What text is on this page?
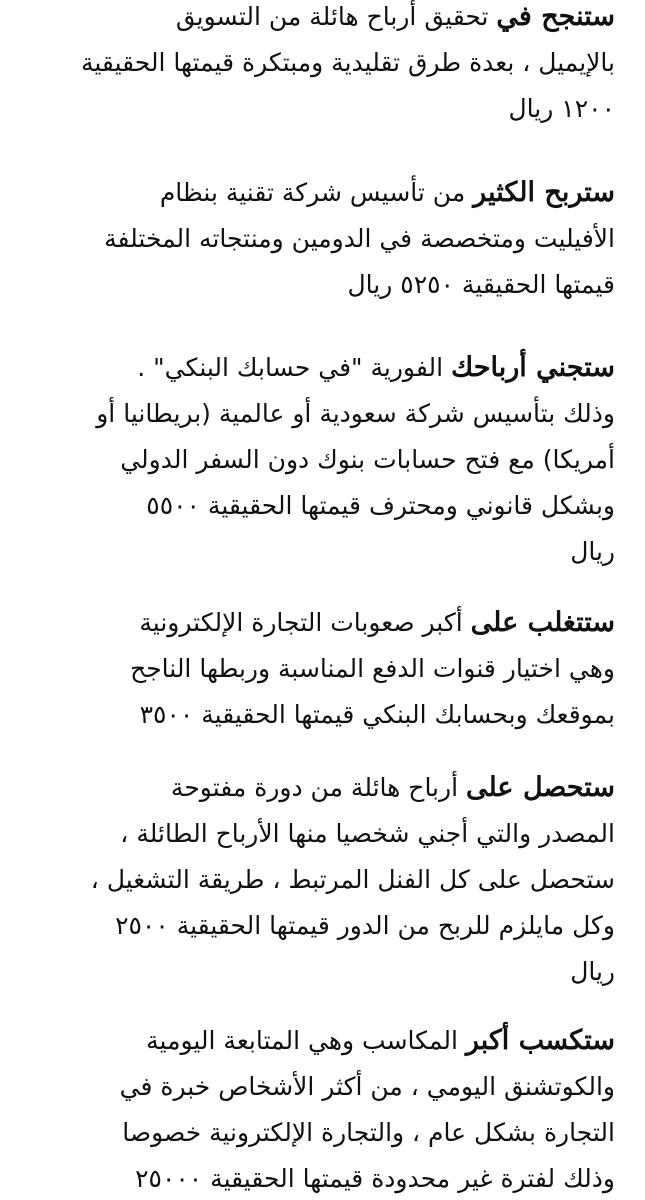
ستنجح في تحقيق أرباح هائلة من التسويق
بالإيميل ، بعدة طرق تقليدية ومبتكرة قيمتها الحقيقية
١٢٠٠ ريال
ستربح الكثير من تأسيس شركة تقنية بنظام
الأفيليت ومتخصصة في الدومين ومنتجاته المختلفة
قيمتها الحقيقية ٥٢٥٠ ريال
ستجني أرباحك الفورية "في حسابك البنكي" .
وذلك بتأسيس شركة سعودية أو عالمية (بريطانيا أو
أمريكا) مع فتح حسابات بنوك دون السفر الدولي
وبشكل قانوني ومحترف قيمتها الحقيقية ٥٥٠٠
ريال
ستتغلب على أكبر صعوبات التجارة الإلكترونية
وهي اختيار قنوات الدفع المناسبة وربطها الناجح
بموقعك وبحسابك البنكي قيمتها الحقيقية ٣٥٠٠
ستحصل على أرباح هائلة من دورة مفتوحة
المصدر والتي أجني شخصيا منها الأرباح الطائلة ،
ستحصل على كل الفنل المرتبط ، طريقة التشغيل ،
وكل مايلزم للربح من الدور قيمتها الحقيقية ٢٥٠٠
ريال
ستكسب أكبر المكاسب وهي المتابعة اليومية
والكوتشنق اليومي ، من أكثر الأشخاص خبرة في
التجارة بشكل عام ، والتجارة الإلكترونية خصوصا
وذلك لفترة غير محدودة قيمتها الحقيقية ٢٥٠٠٠
